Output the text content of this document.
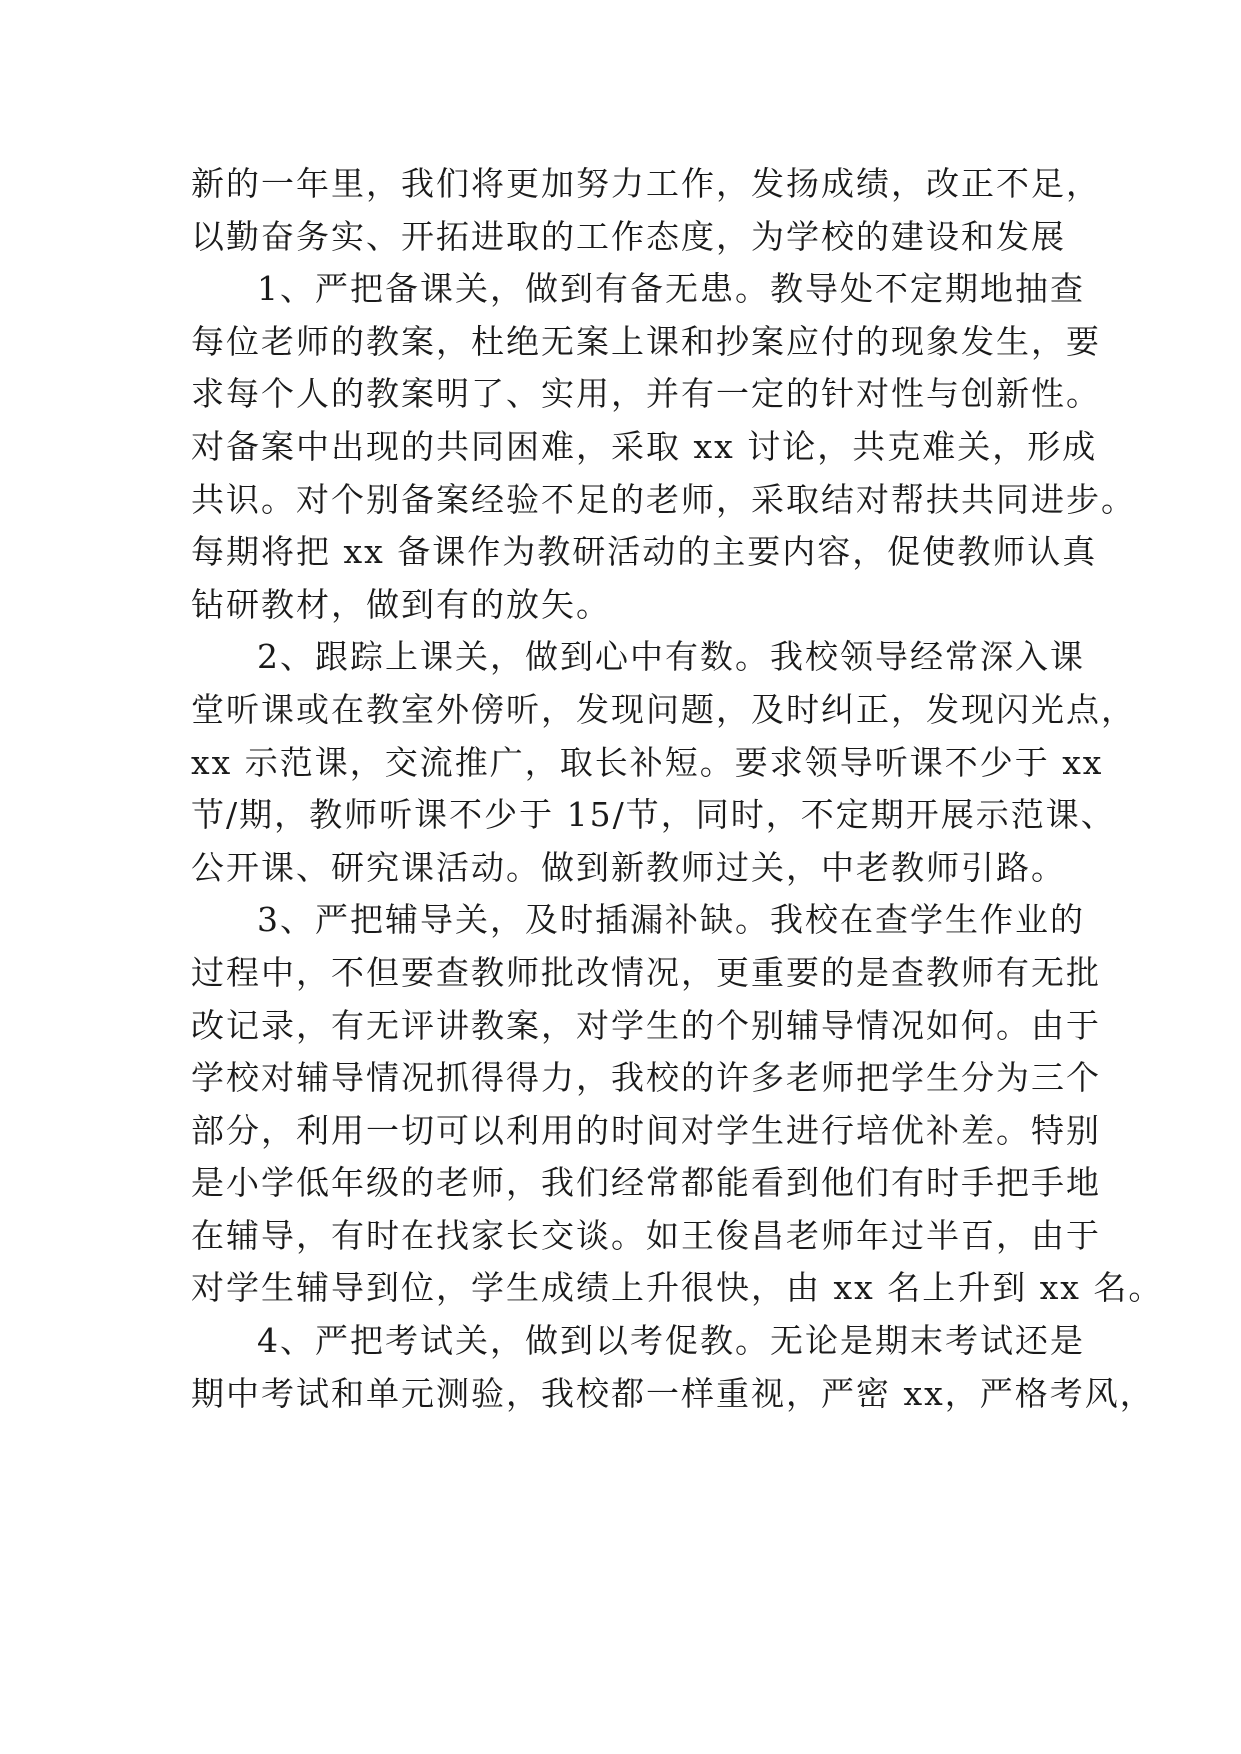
新的一年里，我们将更加努力工作，发扬成绩，改正不足，
以勤奋务实、开拓进取的工作态度，为学校的建设和发展
1、严把备课关，做到有备无患。教导处不定期地抽查
每位老师的教案，杜绝无案上课和抄案应付的现象发生，要
求每个人的教案明了、实用，并有一定的针对性与创新性。
对备案中出现的共同困难，采取 xx 讨论，共克难关，形成
共识。对个别备案经验不足的老师，采取结对帮扶共同进步。
每期将把 xx 备课作为教研活动的主要内容，促使教师认真
钻研教材，做到有的放矢。
2、跟踪上课关，做到心中有数。我校领导经常深入课
堂听课或在教室外傍听，发现问题，及时纠正，发现闪光点，
xx 示范课，交流推广，取长补短。要求领导听课不少于 xx
节/期，教师听课不少于 15/节，同时，不定期开展示范课、
公开课、研究课活动。做到新教师过关，中老教师引路。
3、严把辅导关，及时插漏补缺。我校在查学生作业的
过程中，不但要查教师批改情况，更重要的是查教师有无批
改记录，有无评讲教案，对学生的个别辅导情况如何。由于
学校对辅导情况抓得得力，我校的许多老师把学生分为三个
部分，利用一切可以利用的时间对学生进行培优补差。特别
是小学低年级的老师，我们经常都能看到他们有时手把手地
在辅导，有时在找家长交谈。如王俊昌老师年过半百，由于
对学生辅导到位，学生成绩上升很快，由 xx 名上升到 xx 名。
4、严把考试关，做到以考促教。无论是期末考试还是
期中考试和单元测验，我校都一样重视，严密 xx，严格考风，
